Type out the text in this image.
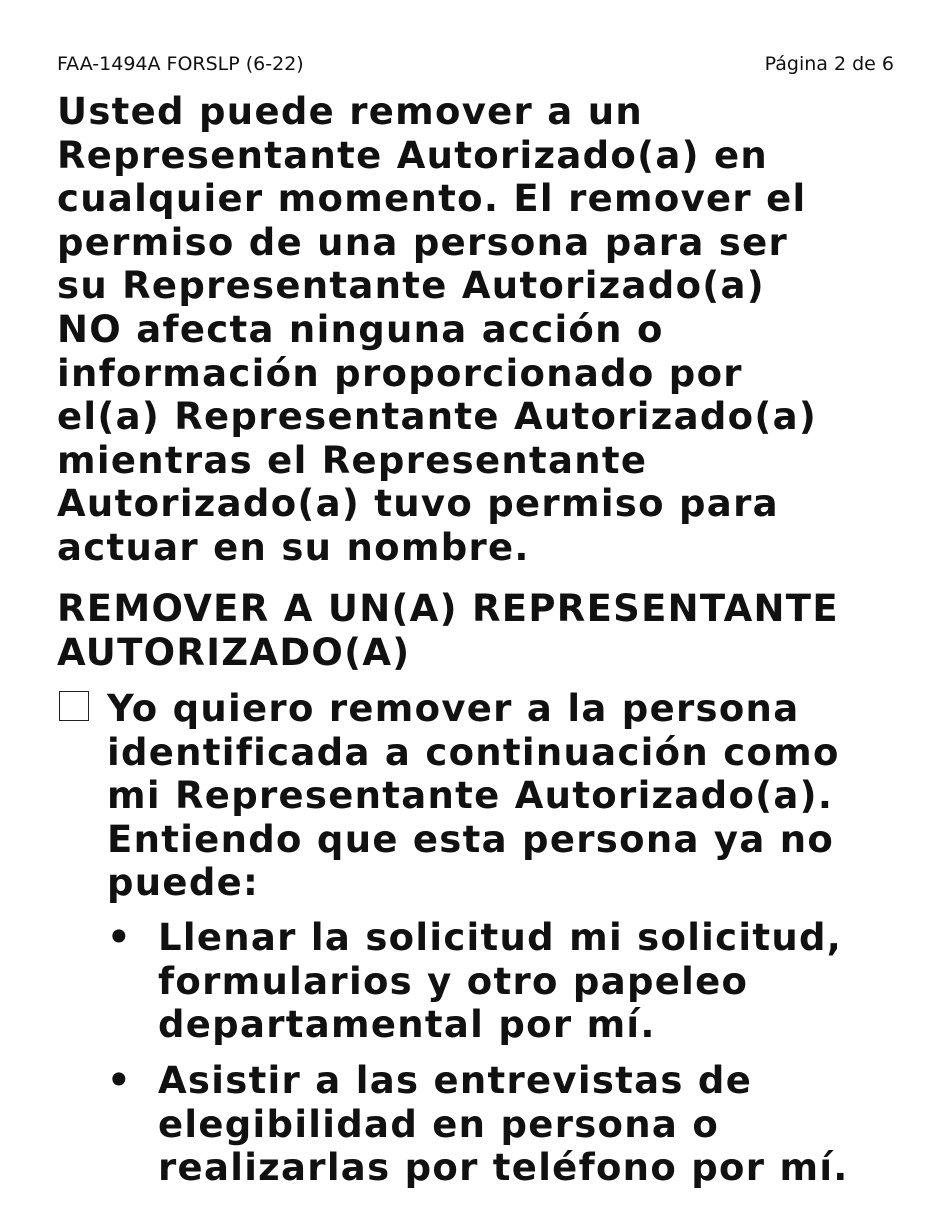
FAA-1494A FORSLP (6-22)	Página 2 de 6

Usted puede remover a un
Representante Autorizado(a) en
cualquier momento. El remover el
permiso de una persona para ser
su Representante Autorizado(a)
NO afecta ninguna acción o
información proporcionado por
el(a) Representante Autorizado(a)
mientras el Representante
Autorizado(a) tuvo permiso para
actuar en su nombre.

REMOVER A UN(A) REPRESENTANTE
AUTORIZADO(A)

Yo quiero remover a la persona
identificada a continuación como
mi Representante Autorizado(a).
Entiendo que esta persona ya no
puede:

• Llenar la solicitud mi solicitud,
formularios y otro papeleo
departamental por mí.
• Asistir a las entrevistas de
elegibilidad en persona o
realizarlas por teléfono por mí.
